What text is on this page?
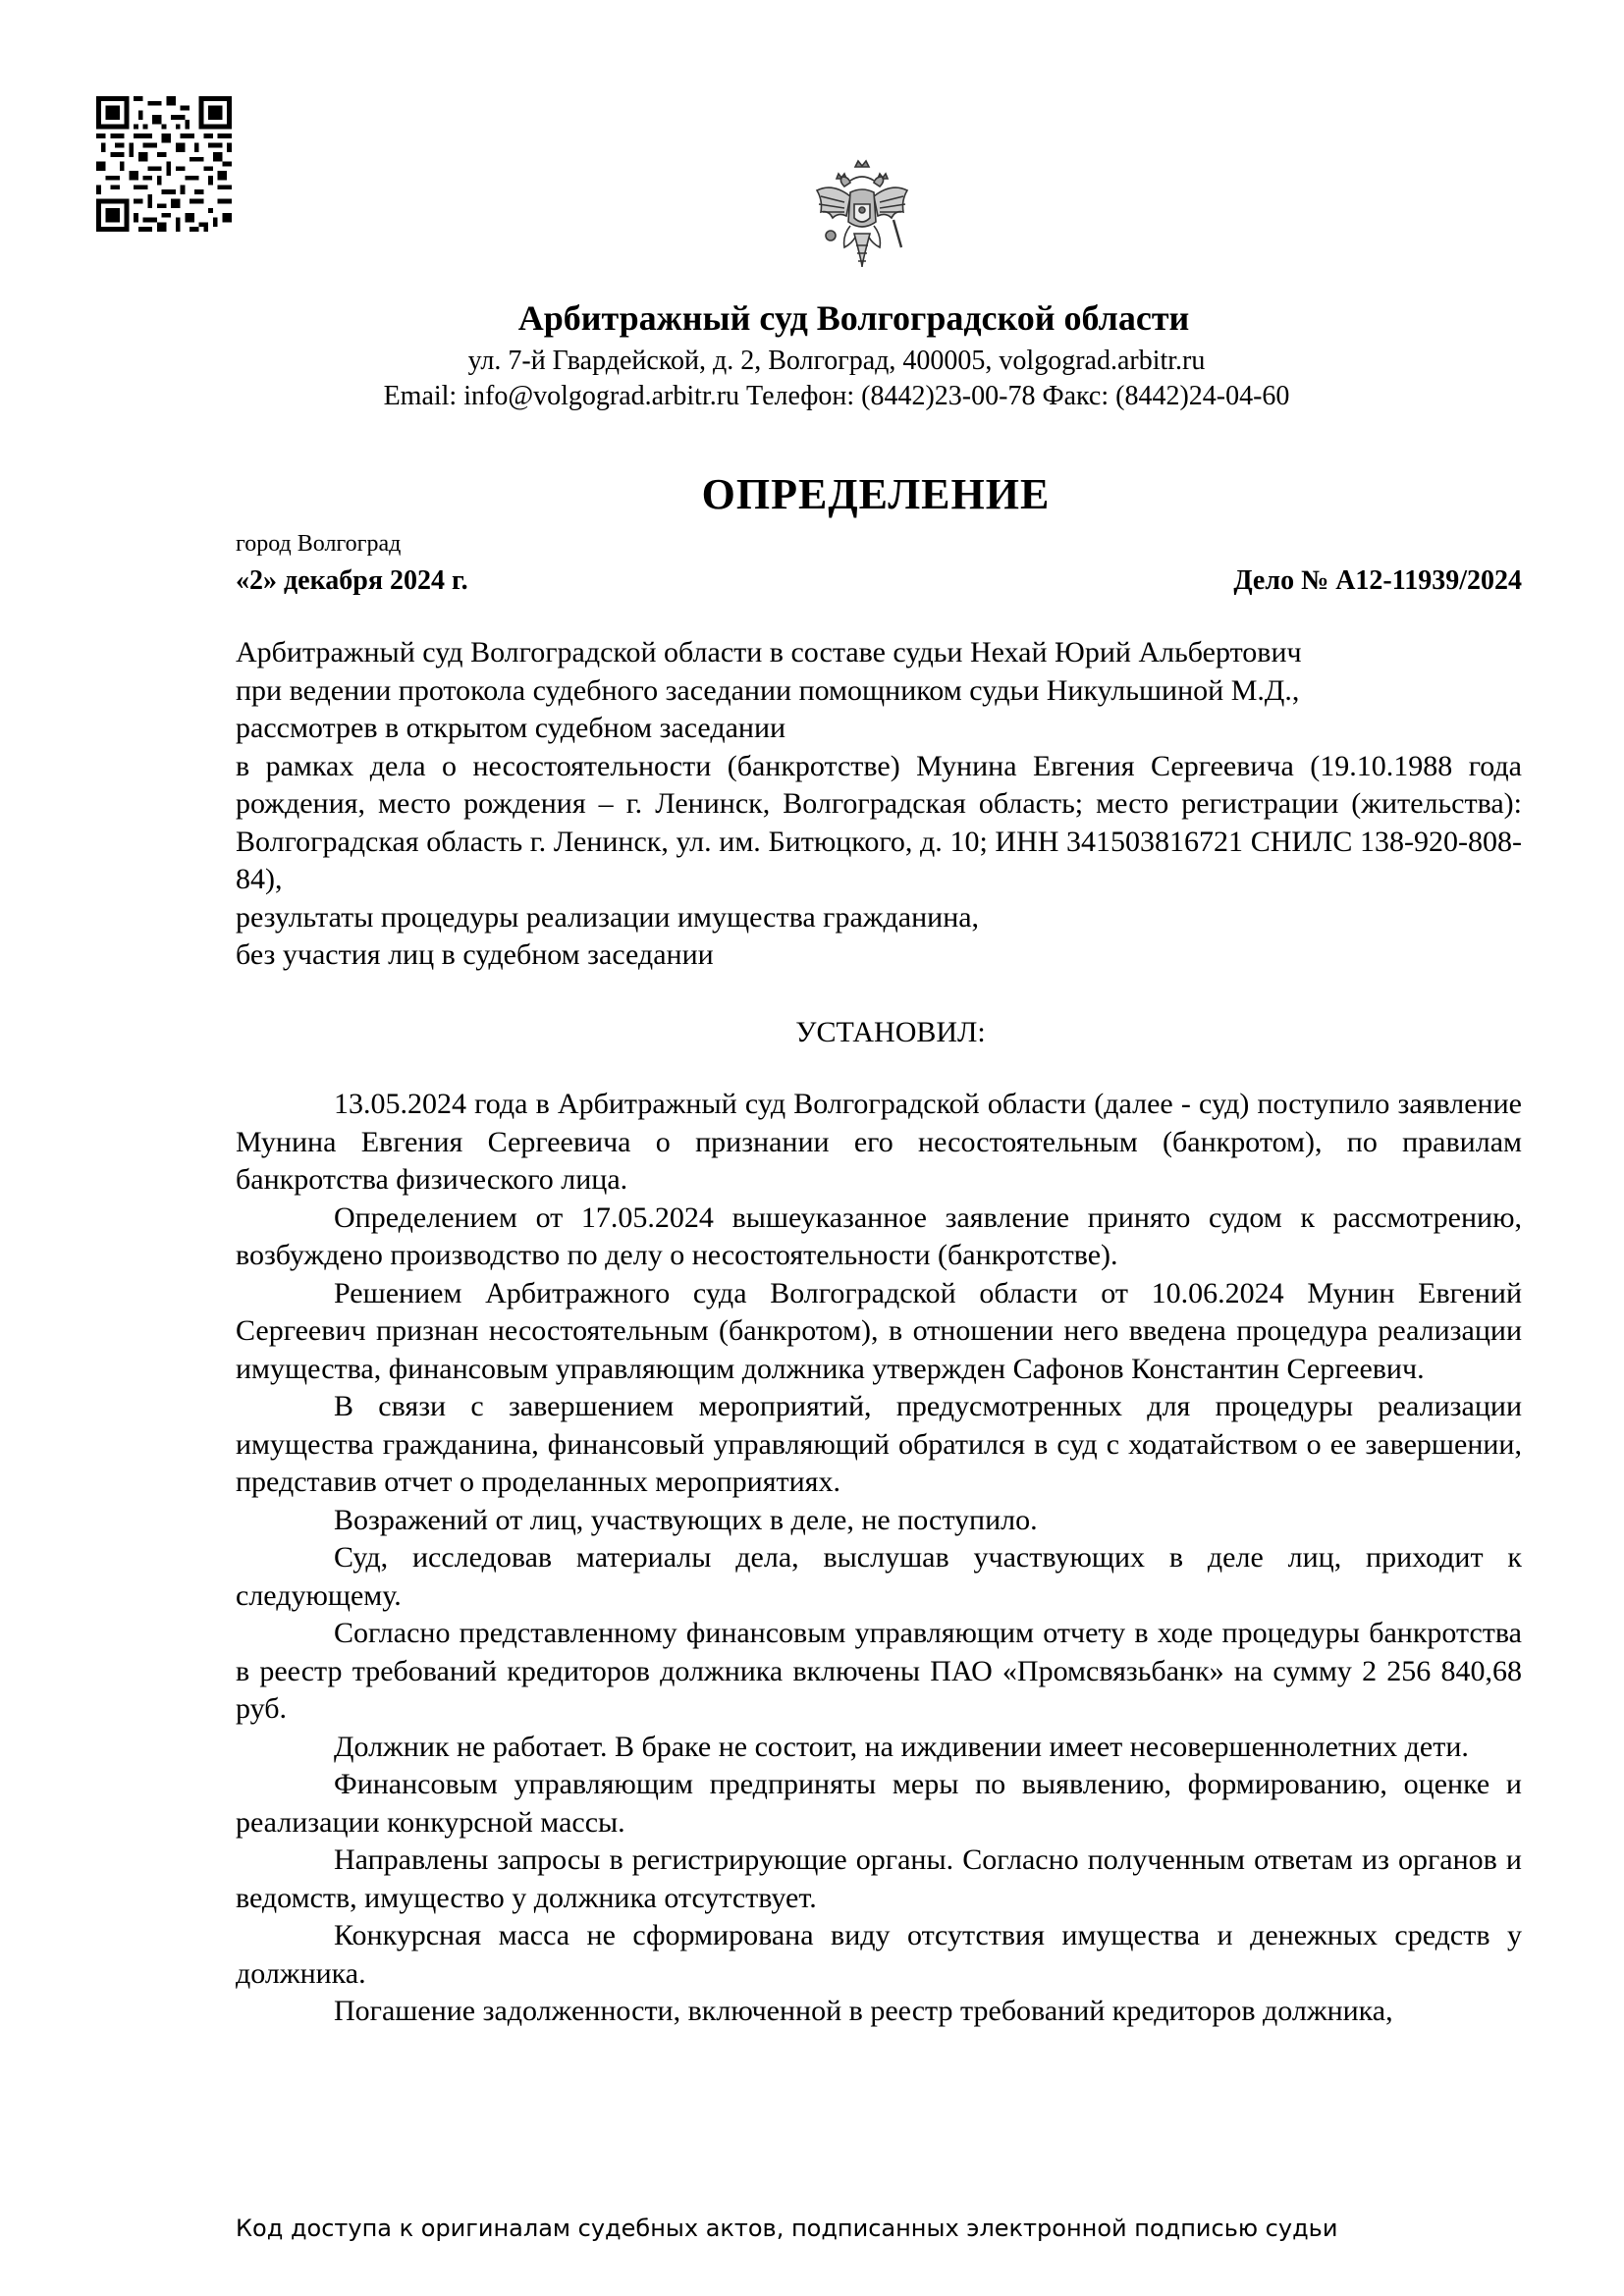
Арбитражный суд Волгоградской области
ул. 7-й Гвардейской, д. 2, Волгоград, 400005, volgograd.arbitr.ru
Email: info@volgograd.arbitr.ru Телефон: (8442)23-00-78 Факс: (8442)24-04-60
ОПРЕДЕЛЕНИЕ
город Волгоград
«2» декабря 2024 г.	Дело № А12-11939/2024

Арбитражный суд Волгоградской области в составе судьи Нехай Юрий Альбертович

при ведении протокола судебного заседании помощником судьи Никульшиной М.Д.,

рассмотрев в открытом судебном заседании

в рамках дела о несостоятельности (банкротстве) Мунина Евгения Сергеевича (19.10.1988 года рождения, место рождения – г. Ленинск, Волгоградская область; место регистрации (жительства): Волгоградская область г. Ленинск, ул. им. Битюцкого, д. 10; ИНН 341503816721 СНИЛС 138-920-808-84),

результаты процедуры реализации имущества гражданина,

без участия лиц в судебном заседании

УСТАНОВИЛ:

13.05.2024 года в Арбитражный суд Волгоградской области (далее - суд) поступило заявление Мунина Евгения Сергеевича о признании его несостоятельным (банкротом), по правилам банкротства физического лица.

Определением от 17.05.2024 вышеуказанное заявление принято судом к рассмотрению, возбуждено производство по делу о несостоятельности (банкротстве).

Решением Арбитражного суда Волгоградской области от 10.06.2024 Мунин Евгений Сергеевич признан несостоятельным (банкротом), в отношении него введена процедура реализации имущества, финансовым управляющим должника утвержден Сафонов Константин Сергеевич.

В связи с завершением мероприятий, предусмотренных для процедуры реализации имущества гражданина, финансовый управляющий обратился в суд с ходатайством о ее завершении, представив отчет о проделанных мероприятиях.

Возражений от лиц, участвующих в деле, не поступило.

Суд, исследовав материалы дела, выслушав участвующих в деле лиц, приходит к следующему.

Согласно представленному финансовым управляющим отчету в ходе процедуры банкротства в реестр требований кредиторов должника включены ПАО «Промсвязьбанк» на сумму 2 256 840,68 руб.

Должник не работает. В браке не состоит, на иждивении имеет несовершеннолетних дети.

Финансовым управляющим предприняты меры по выявлению, формированию, оценке и реализации конкурсной массы.

Направлены запросы в регистрирующие органы. Согласно полученным ответам из органов и ведомств, имущество у должника отсутствует.

Конкурсная масса не сформирована виду отсутствия имущества и денежных средств у должника.

Погашение задолженности, включенной в реестр требований кредиторов должника,

Код доступа к оригиналам судебных актов, подписанных электронной подписью судьи
